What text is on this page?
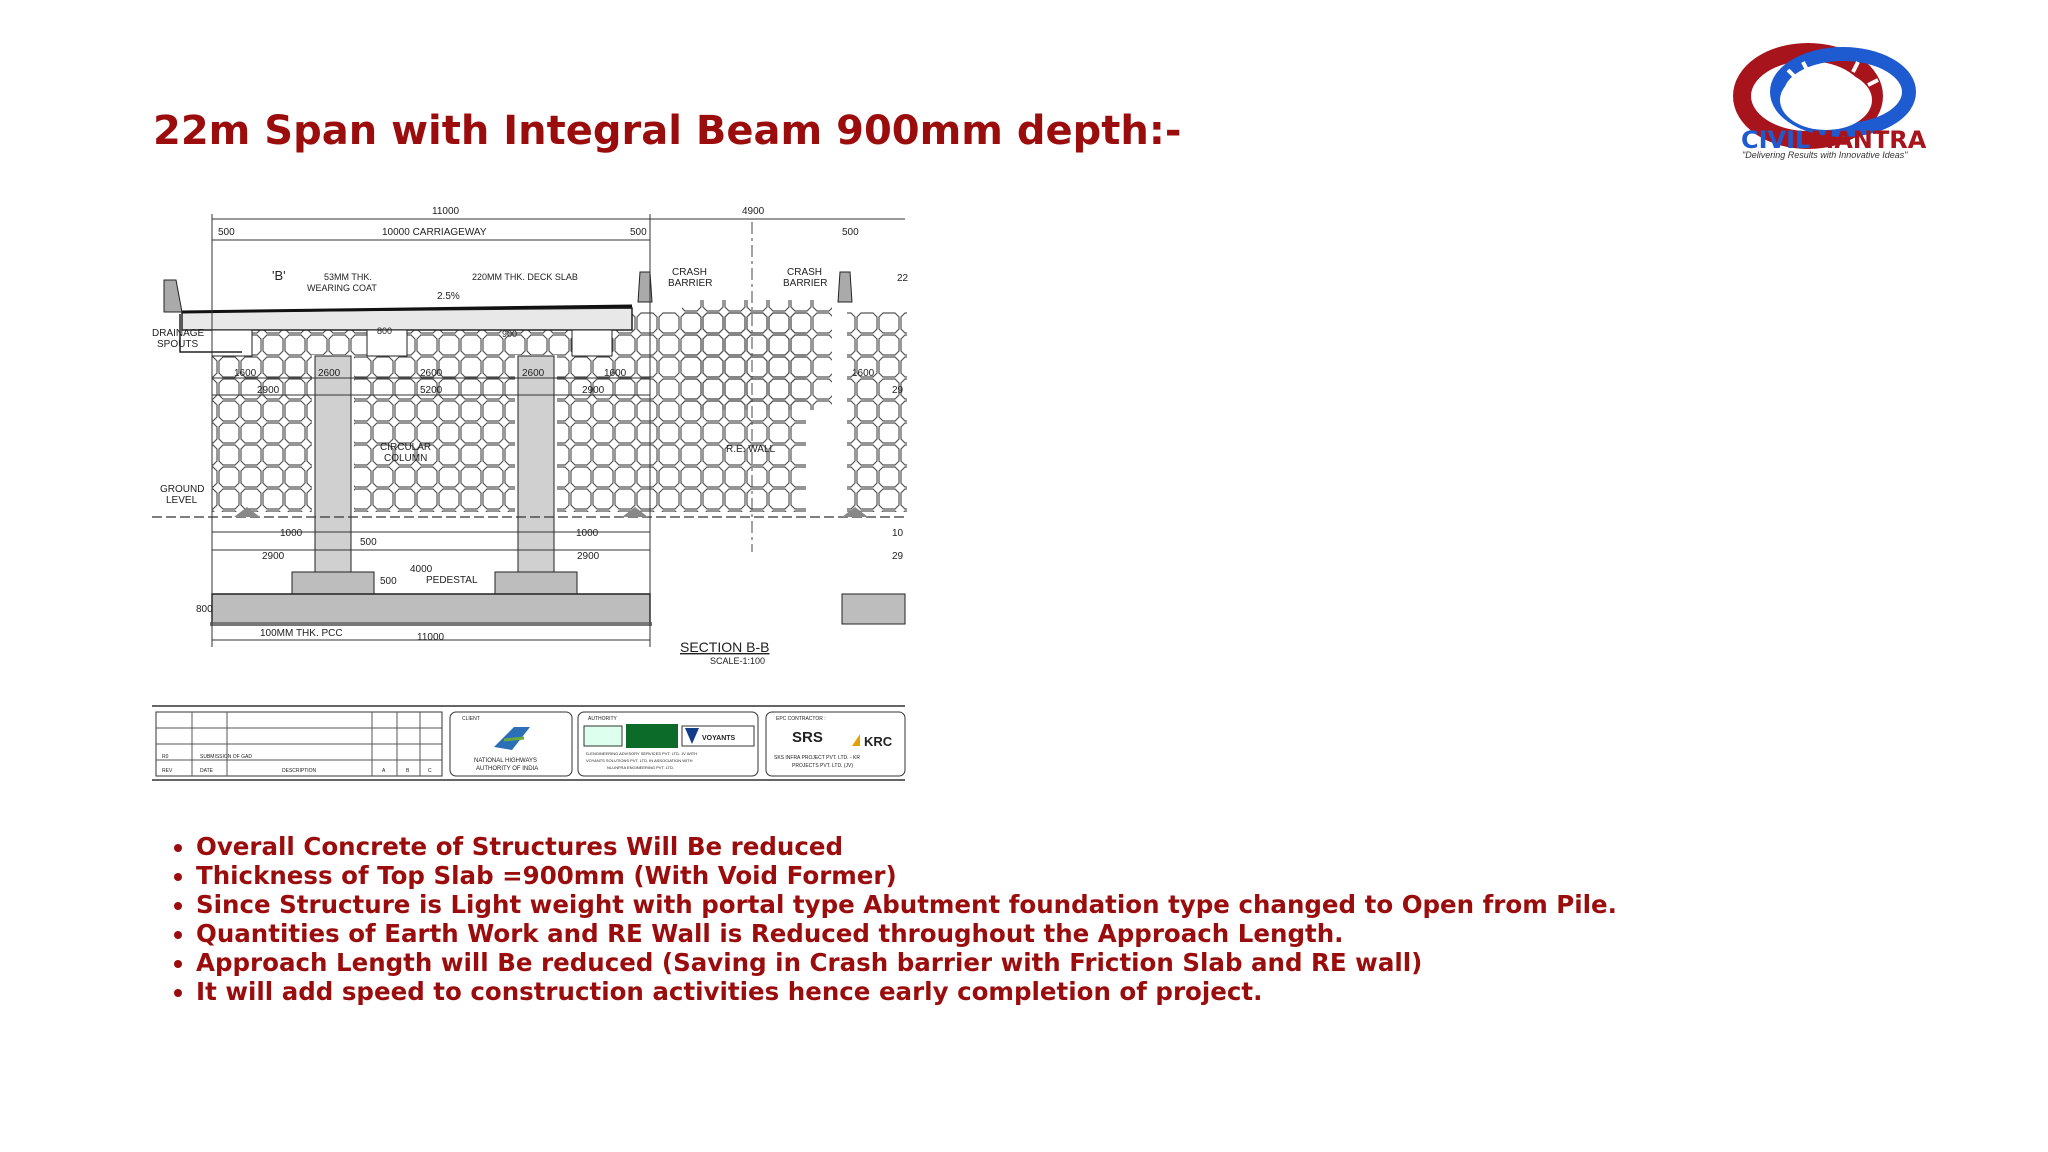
22m Span with Integral Beam 900mm depth:-	CIVILMANTRA
"Delivering Results with Innovative Ideas"
11000	4900
10000 CARRIAGEWAY
500	500	500
22
'B'	53MM THK.
WEARING COAT
220MM THK. DECK SLAB
2.5%
CRASH
BARRIER
CRASH
BARRIER
DRAINAGE
SPOUTS
800	900
1600	2600	2600	2600	1600	1600
2900	5200	2900	29
CIRCULAR
COLUMN
R.E. WALL
GROUND
LEVEL
1000	1000	10
500
2900	2900	29
500
4000
PEDESTAL
800
100MM THK. PCC	11000
SECTION B-B
SCALE-1:100
R0	SUBMISSION OF GAD
REV	DATE	DESCRIPTION	A	B	C
CLIENT
NATIONAL HIGHWAYS
AUTHORITY OF INDIA
AUTHORITY
VOYANTS
D-ENGINEERING ADVISORY SERVICES PVT. LTD. JV WITH
VOYANTS SOLUTIONS PVT. LTD. IN ASSOCIATION WITH
NU-INFRA ENGINEERING PVT. LTD.
EPC CONTRACTOR :
SRS	KRC
SKS INFRA PROJECT PVT. LTD. - KR
PROJECTS PVT. LTD. (JV)
• Overall Concrete of Structures Will Be reduced
• Thickness of Top Slab =900mm (With Void Former)
• Since Structure is Light weight with portal type Abutment foundation type changed to Open from Pile.
• Quantities of Earth Work and RE Wall is Reduced throughout the Approach Length.
• Approach Length will Be reduced (Saving in Crash barrier with Friction Slab and RE wall)
• It will add speed to construction activities hence early completion of project.
